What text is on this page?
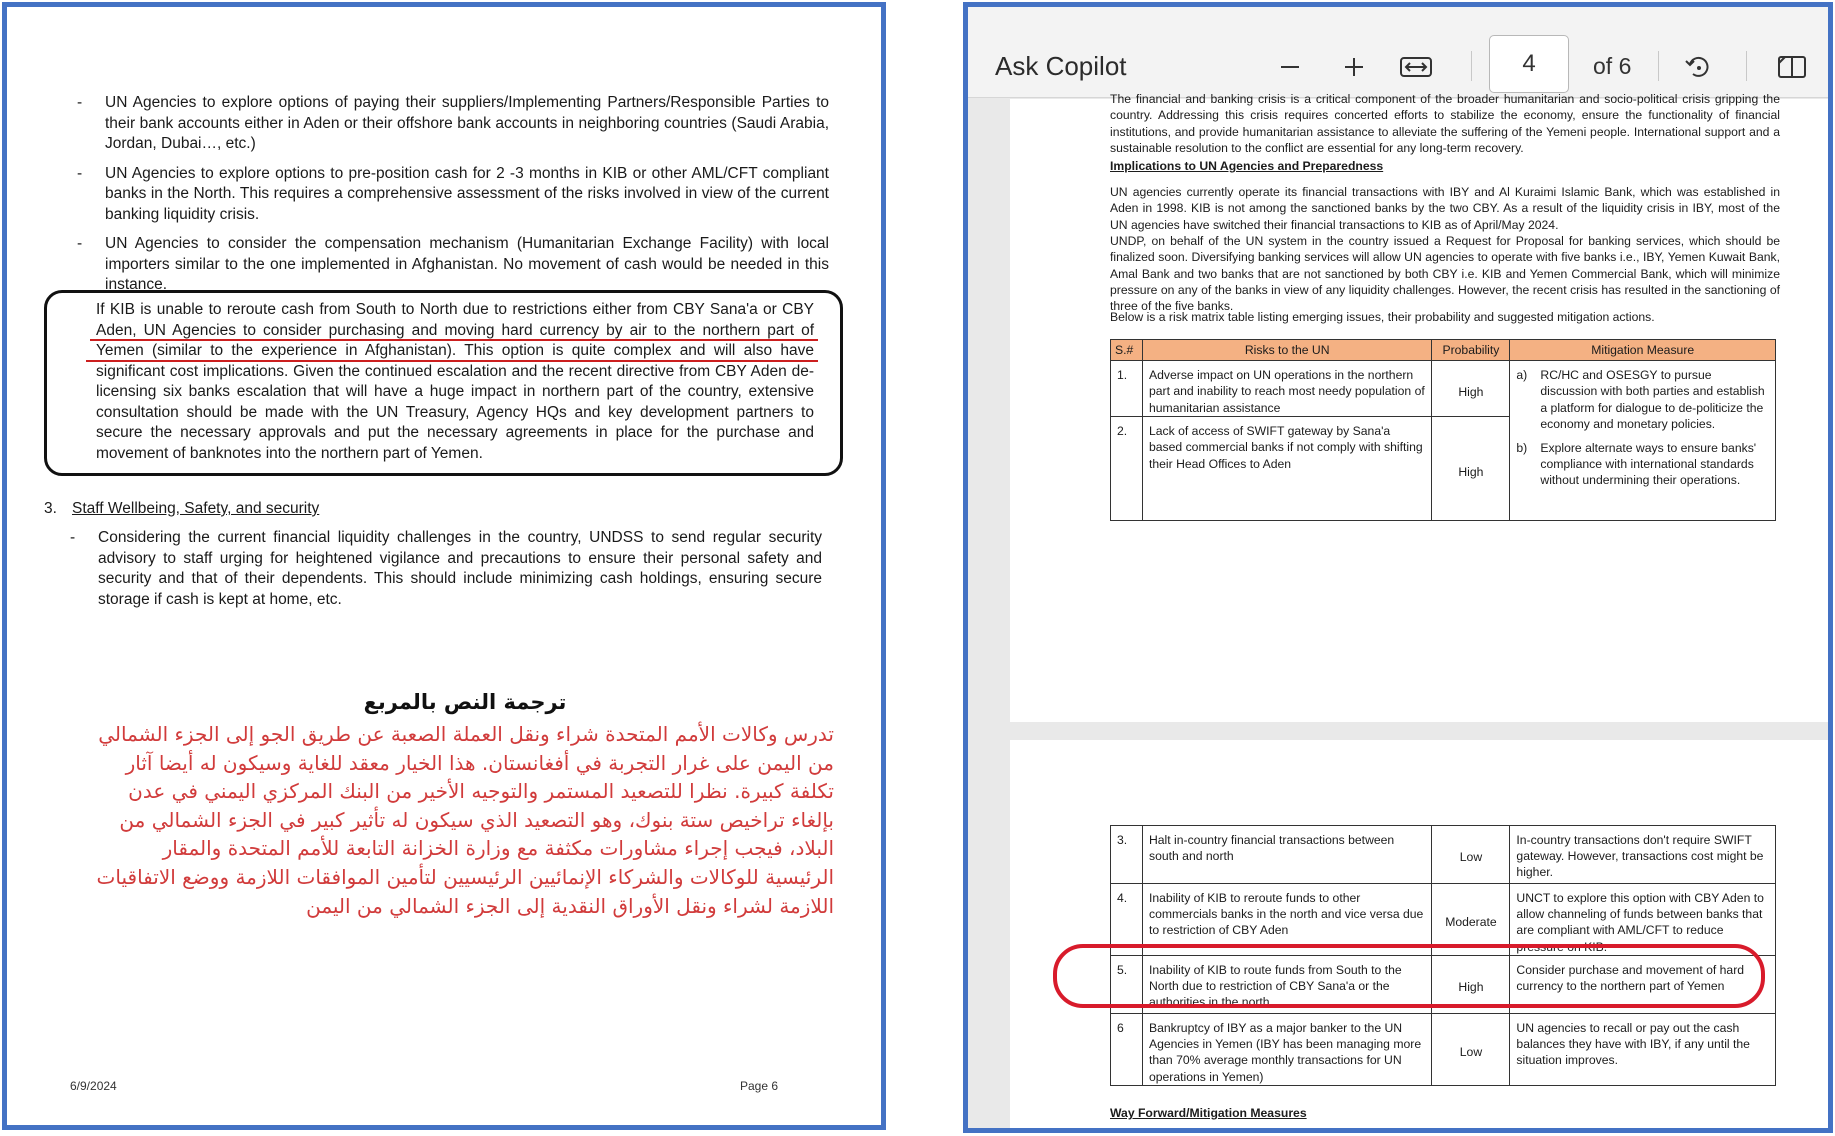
- UN Agencies to explore options of paying their suppliers/Implementing Partners/Responsible Parties to their bank accounts either in Aden or their offshore bank accounts in neighboring countries (Saudi Arabia, Jordan, Dubai…, etc.)
- UN Agencies to explore options to pre-position cash for 2 -3 months in KIB or other AML/CFT compliant banks in the North. This requires a comprehensive assessment of the risks involved in view of the current banking liquidity crisis.
- UN Agencies to consider the compensation mechanism (Humanitarian Exchange Facility) with local importers similar to the one implemented in Afghanistan. No movement of cash would be needed in this instance.
If KIB is unable to reroute cash from South to North due to restrictions either from CBY Sana'a or CBY Aden, UN Agencies to consider purchasing and moving hard currency by air to the northern part of Yemen (similar to the experience in Afghanistan). This option is quite complex and will also have significant cost implications. Given the continued escalation and the recent directive from CBY Aden de-licensing six banks escalation that will have a huge impact in northern part of the country, extensive consultation should be made with the UN Treasury, Agency HQs and key development partners to secure the necessary approvals and put the necessary agreements in place for the purchase and movement of banknotes into the northern part of Yemen.
3. Staff Wellbeing, Safety, and security
- Considering the current financial liquidity challenges in the country, UNDSS to send regular security advisory to staff urging for heightened vigilance and precautions to ensure their personal safety and security and that of their dependents. This should include minimizing cash holdings, ensuring secure storage if cash is kept at home, etc.
ترجمة النص بالمربع
تدرس وكالات الأمم المتحدة شراء ونقل العملة الصعبة عن طريق الجو إلى الجزء الشمالي من اليمن على غرار التجربة في أفغانستان. هذا الخيار معقد للغاية وسيكون له أيضا آثار تكلفة كبيرة. نظرا للتصعيد المستمر والتوجيه الأخير من البنك المركزي اليمني في عدن بإلغاء تراخيص ستة بنوك، وهو التصعيد الذي سيكون له تأثير كبير في الجزء الشمالي من البلاد، فيجب إجراء مشاورات مكثفة مع وزارة الخزانة التابعة للأمم المتحدة والمقار الرئيسية للوكالات والشركاء الإنمائيين الرئيسيين لتأمين الموافقات اللازمة ووضع الاتفاقيات اللازمة لشراء ونقل الأوراق النقدية إلى الجزء الشمالي من اليمن
6/9/2024	Page 6
Ask Copilot	4	of 6
The financial and banking crisis is a critical component of the broader humanitarian and socio-political crisis gripping the country. Addressing this crisis requires concerted efforts to stabilize the economy, ensure the functionality of financial institutions, and provide humanitarian assistance to alleviate the suffering of the Yemeni people. International support and a sustainable resolution to the conflict are essential for any long-term recovery.
Implications to UN Agencies and Preparedness
UN agencies currently operate its financial transactions with IBY and Al Kuraimi Islamic Bank, which was established in Aden in 1998. KIB is not among the sanctioned banks by the two CBY. As a result of the liquidity crisis in IBY, most of the UN agencies have switched their financial transactions to KIB as of April/May 2024.
UNDP, on behalf of the UN system in the country issued a Request for Proposal for banking services, which should be finalized soon. Diversifying banking services will allow UN agencies to operate with five banks i.e., IBY, Yemen Kuwait Bank, Amal Bank and two banks that are not sanctioned by both CBY i.e. KIB and Yemen Commercial Bank, which will minimize pressure on any of the banks in view of any liquidity challenges. However, the recent crisis has resulted in the sanctioning of three of the five banks.
Below is a risk matrix table listing emerging issues, their probability and suggested mitigation actions.
S.#	Risks to the UN	Probability	Mitigation Measure
1.	Adverse impact on UN operations in the northern part and inability to reach most needy population of humanitarian assistance	High	a) RC/HC and OSESGY to pursue discussion with both parties and establish a platform for dialogue to de-politicize the economy and monetary policies.
b) Explore alternate ways to ensure banks' compliance with international standards without undermining their operations.

2.	Lack of access of SWIFT gateway by Sana'a based commercial banks if not comply with shifting their Head Offices to Aden	High	
3.	Halt in-country financial transactions between south and north	Low	In-country transactions don't require SWIFT gateway. However, transactions cost might be higher.
4.	Inability of KIB to reroute funds to other commercials banks in the north and vice versa due to restriction of CBY Aden	Moderate	UNCT to explore this option with CBY Aden to allow channeling of funds between banks that are compliant with AML/CFT to reduce pressure on KIB.
5.	Inability of KIB to route funds from South to the North due to restriction of CBY Sana'a or the authorities in the north.	High	Consider purchase and movement of hard currency to the northern part of Yemen
6	Bankruptcy of IBY as a major banker to the UN Agencies in Yemen (IBY has been managing more than 70% average monthly transactions for UN operations in Yemen)	Low	UN agencies to recall or pay out the cash balances they have with IBY, if any until the situation improves.
Way Forward/Mitigation Measures
